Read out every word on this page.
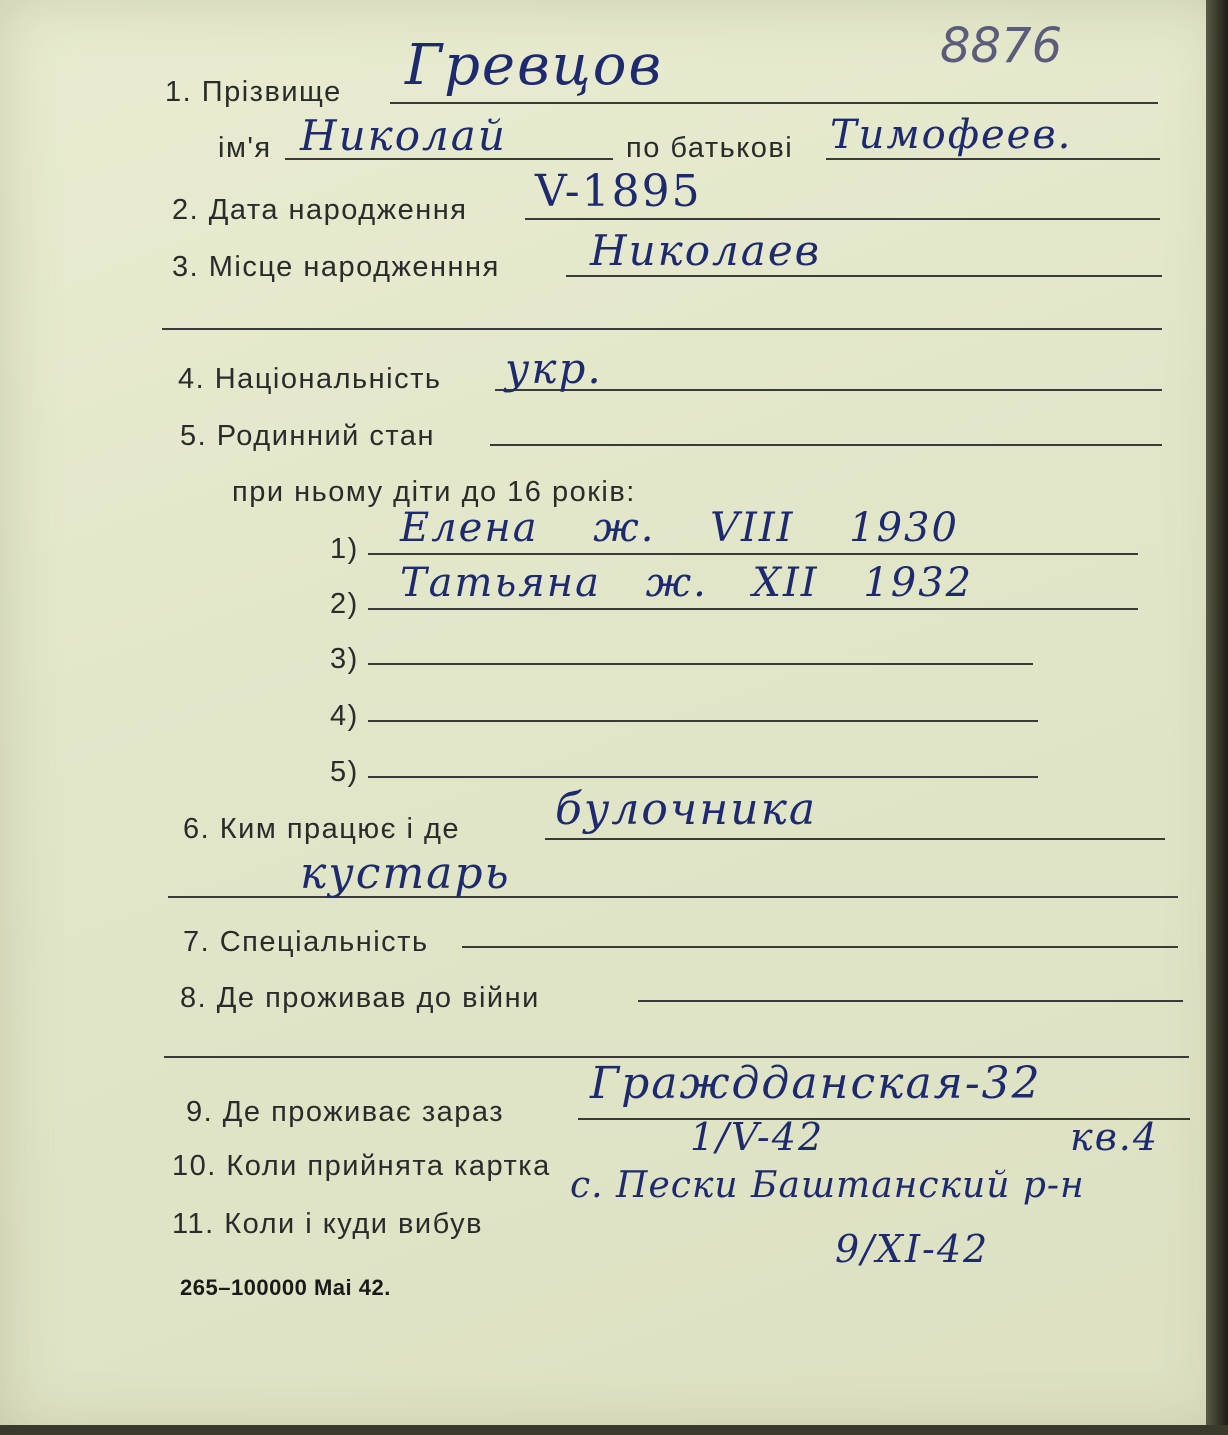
8876
1. Прізвище Гревцов
ім'я Николай	по батькові Тимофеев.
2. Дата народження V-1895
3. Місце народженння Николаев
4. Національність укр.
5. Родинний стан
при ньому діти до 16 років:
1) Елена ж. VIII 1930
2) Татьяна ж. XII 1932
3)
4)
5)
6. Ким працює і де булочника
кустарь
7. Спеціальність
8. Де проживав до війни
9. Де проживає зараз
Граждданская-32
10. Коли прийнята картка
1/V-42	кв.4
11. Коли і куди вибув
с. Пески Баштанский р-н
9/XI-42
265–100000 Mai 42.
